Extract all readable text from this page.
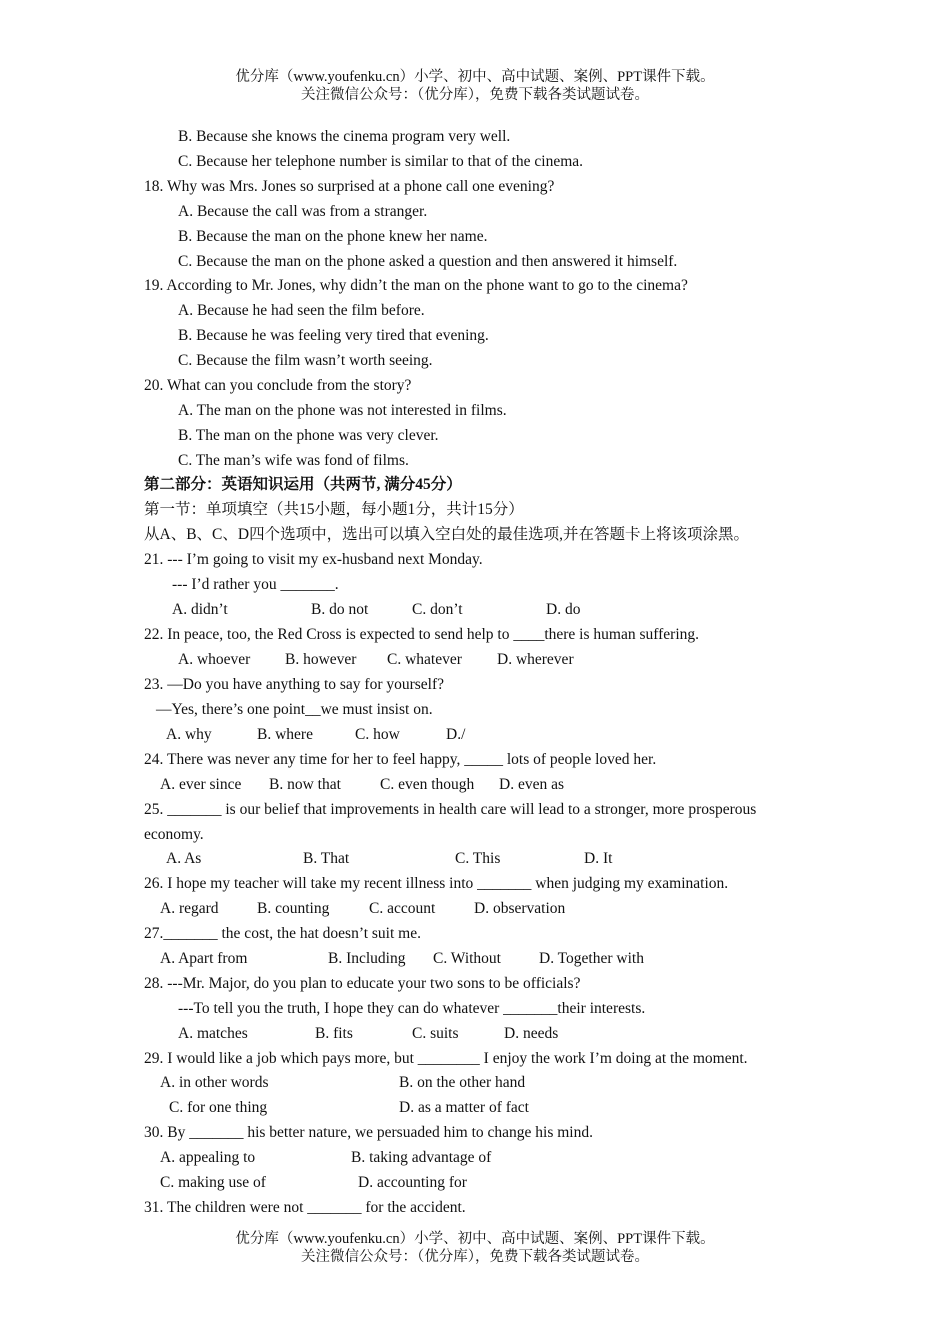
优分库（www.youfenku.cn）小学、初中、高中试题、案例、PPT课件下载。
关注微信公众号：（优分库），免费下载各类试题试卷。
B. Because she knows the cinema program very well.
C. Because her telephone number is similar to that of the cinema.
18. Why was Mrs. Jones so surprised at a phone call one evening?
A. Because the call was from a stranger.
B. Because the man on the phone knew her name.
C. Because the man on the phone asked a question and then answered it himself.
19. According to Mr. Jones, why didn’t the man on the phone want to go to the cinema?
A. Because he had seen the film before.
B. Because he was feeling very tired that evening.
C. Because the film wasn’t worth seeing.
20. What can you conclude from the story?
A. The man on the phone was not interested in films.
B. The man on the phone was very clever.
C. The man’s wife was fond of films.
第二部分：英语知识运用（共两节, 满分45分）
第一节：单项填空（共15小题，每小题1分，共计15分）
从A、B、C、D四个选项中，选出可以填入空白处的最佳选项,并在答题卡上将该项涂黑。
21. --- I’m going to visit my ex-husband next Monday.
--- I’d rather you _______.
A. didn’t	B. do not	C. don’t	D. do
22. In peace, too, the Red Cross is expected to send help to ____there is human suffering.
A. whoever B. however C. whatever D. wherever
23. —Do you have anything to say for yourself?
—Yes, there’s one point__we must insist on.
A. why	B. where	C. how	D./
24. There was never any time for her to feel happy, _____ lots of people loved her.
A. ever since B. now that	C. even though D. even as
25. _______ is our belief that improvements in health care will lead to a stronger, more prosperous
economy.
A. As	B. That	C. This	D. It
26. I hope my teacher will take my recent illness into _______ when judging my examination.
A. regard B. counting	C. account D. observation
27._______ the cost, the hat doesn’t suit me.
A. Apart from	B. Including C. Without D. Together with
28. ---Mr. Major, do you plan to educate your two sons to be officials?
---To tell you the truth, I hope they can do whatever _______their interests.
A. matches	B. fits	C. suits	D. needs
29. I would like a job which pays more, but ________ I enjoy the work I’m doing at the moment.
A. in other words	B. on the other hand
C. for one thing	D. as a matter of fact
30. By _______ his better nature, we persuaded him to change his mind.
A. appealing to	B. taking advantage of
C. making use of	D. accounting for
31. The children were not _______ for the accident.
优分库（www.youfenku.cn）小学、初中、高中试题、案例、PPT课件下载。
关注微信公众号：（优分库），免费下载各类试题试卷。
